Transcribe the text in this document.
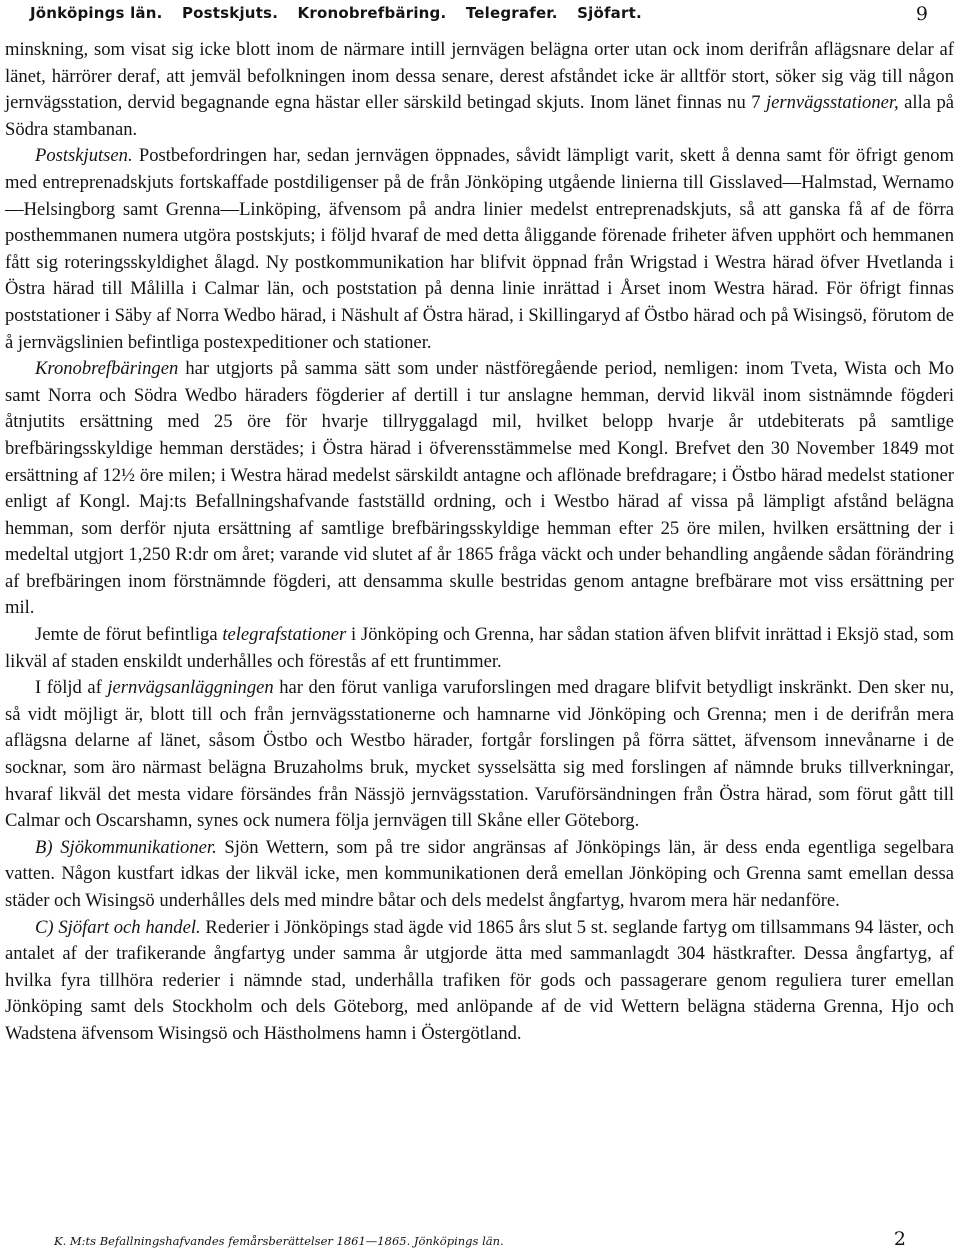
Jönköpings län. Postskjuts. Kronobrefbäring. Telegrafer. Sjöfart.	9

minskning, som visat sig icke blott inom de närmare intill jernvägen belägna orter utan ock inom derifrån aflägsnare delar af länet, härrörer deraf, att jemväl befolkningen inom dessa senare, derest afståndet icke är alltför stort, söker sig väg till någon jernvägsstation, dervid begagnande egna hästar eller särskild betingad skjuts. Inom länet finnas nu 7 jernvägsstationer, alla på Södra stambanan.

Postskjutsen. Postbefordringen har, sedan jernvägen öppnades, såvidt lämpligt varit, skett å denna samt för öfrigt genom med entreprenadskjuts fortskaffade postdiligenser på de från Jönköping utgående linierna till Gisslaved—Halmstad, Wernamo—Helsingborg samt Grenna—Linköping, äfvensom på andra linier medelst entreprenadskjuts, så att ganska få af de förra posthemmanen numera utgöra postskjuts; i följd hvaraf de med detta åliggande förenade friheter äfven upphört och hemmanen fått sig roteringsskyldighet ålagd. Ny postkommunikation har blifvit öppnad från Wrigstad i Westra härad öfver Hvetlanda i Östra härad till Målilla i Calmar län, och poststation på denna linie inrättad i Årset inom Westra härad. För öfrigt finnas poststationer i Säby af Norra Wedbo härad, i Näshult af Östra härad, i Skillingaryd af Östbo härad och på Wisingsö, förutom de å jernvägslinien befintliga postexpeditioner och stationer.

Kronobrefbäringen har utgjorts på samma sätt som under nästföregående period, nemligen: inom Tveta, Wista och Mo samt Norra och Södra Wedbo häraders fögderier af dertill i tur anslagne hemman, dervid likväl inom sistnämnde fögderi åtnjutits ersättning med 25 öre för hvarje tillryggalagd mil, hvilket belopp hvarje år utdebiterats på samtlige brefbäringsskyldige hemman derstädes; i Östra härad i öfverensstämmelse med Kongl. Brefvet den 30 November 1849 mot ersättning af 12½ öre milen; i Westra härad medelst särskildt antagne och aflönade brefdragare; i Östbo härad medelst stationer enligt af Kongl. Maj:ts Befallningshafvande fastställd ordning, och i Westbo härad af vissa på lämpligt afstånd belägna hemman, som derför njuta ersättning af samtlige brefbäringsskyldige hemman efter 25 öre milen, hvilken ersättning der i medeltal utgjort 1,250 R:dr om året; varande vid slutet af år 1865 fråga väckt och under behandling angående sådan förändring af brefbäringen inom förstnämnde fögderi, att densamma skulle bestridas genom antagne brefbärare mot viss ersättning per mil.

Jemte de förut befintliga telegrafstationer i Jönköping och Grenna, har sådan station äfven blifvit inrättad i Eksjö stad, som likväl af staden enskildt underhålles och förestås af ett fruntimmer.

I följd af jernvägsanläggningen har den förut vanliga varuforslingen med dragare blifvit betydligt inskränkt. Den sker nu, så vidt möjligt är, blott till och från jernvägsstationerne och hamnarne vid Jönköping och Grenna; men i de derifrån mera aflägsna delarne af länet, såsom Östbo och Westbo härader, fortgår forslingen på förra sättet, äfvensom innevånarne i de socknar, som äro närmast belägna Bruzaholms bruk, mycket sysselsätta sig med forslingen af nämnde bruks tillverkningar, hvaraf likväl det mesta vidare försändes från Nässjö jernvägsstation. Varuförsändningen från Östra härad, som förut gått till Calmar och Oscarshamn, synes ock numera följa jernvägen till Skåne eller Göteborg.

B) Sjökommunikationer. Sjön Wettern, som på tre sidor angränsas af Jönköpings län, är dess enda egentliga segelbara vatten. Någon kustfart idkas der likväl icke, men kommunikationen derå emellan Jönköping och Grenna samt emellan dessa städer och Wisingsö underhålles dels med mindre båtar och dels medelst ångfartyg, hvarom mera här nedanföre.

C) Sjöfart och handel. Rederier i Jönköpings stad ägde vid 1865 års slut 5 st. seglande fartyg om tillsammans 94 läster, och antalet af der trafikerande ångfartyg under samma år utgjorde ätta med sammanlagdt 304 hästkrafter. Dessa ångfartyg, af hvilka fyra tillhöra rederier i nämnde stad, underhålla trafiken för gods och passagerare genom reguliera turer emellan Jönköping samt dels Stockholm och dels Göteborg, med anlöpande af de vid Wettern belägna städerna Grenna, Hjo och Wadstena äfvensom Wisingsö och Hästholmens hamn i Östergötland.

K. M:ts Befallningshafvandes femårsberättelser 1861—1865. Jönköpings län.	2
